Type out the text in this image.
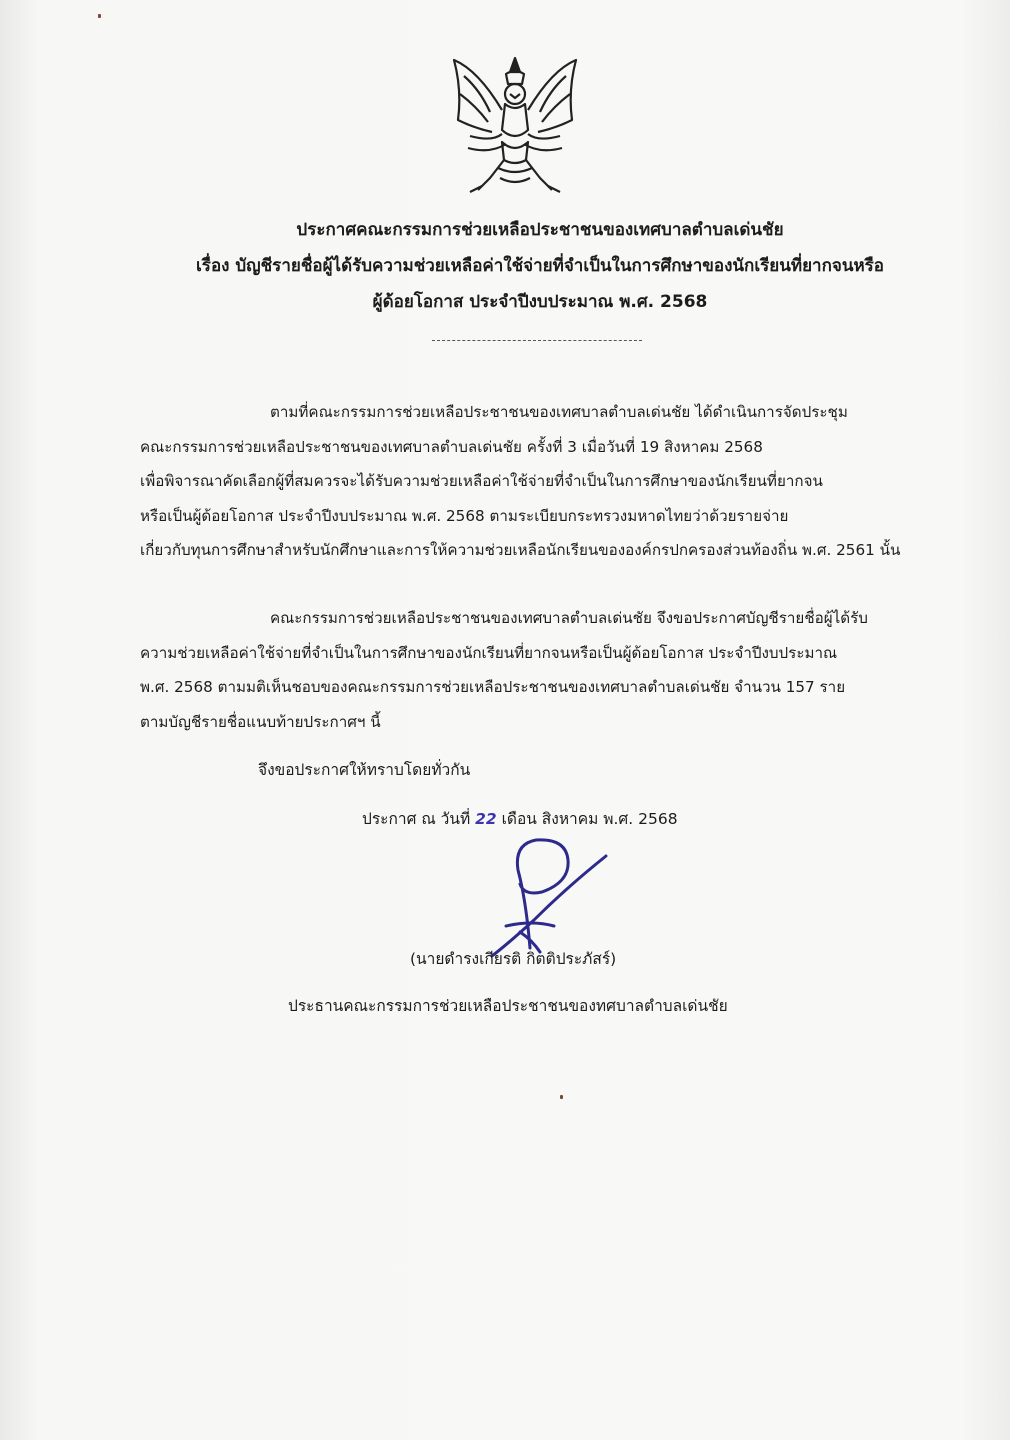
ประกาศคณะกรรมการช่วยเหลือประชาชนของเทศบาลตำบลเด่นชัย
เรื่อง บัญชีรายชื่อผู้ได้รับความช่วยเหลือค่าใช้จ่ายที่จำเป็นในการศึกษาของนักเรียนที่ยากจนหรือ
ผู้ด้อยโอกาส ประจำปีงบประมาณ พ.ศ. 2568
ตามที่คณะกรรมการช่วยเหลือประชาชนของเทศบาลตำบลเด่นชัย ได้ดำเนินการจัดประชุม
คณะกรรมการช่วยเหลือประชาชนของเทศบาลตำบลเด่นชัย ครั้งที่ 3 เมื่อวันที่ 19 สิงหาคม 2568
เพื่อพิจารณาคัดเลือกผู้ที่สมควรจะได้รับความช่วยเหลือค่าใช้จ่ายที่จำเป็นในการศึกษาของนักเรียนที่ยากจน
หรือเป็นผู้ด้อยโอกาส ประจำปีงบประมาณ พ.ศ. 2568 ตามระเบียบกระทรวงมหาดไทยว่าด้วยรายจ่าย
เกี่ยวกับทุนการศึกษาสำหรับนักศึกษาและการให้ความช่วยเหลือนักเรียนขององค์กรปกครองส่วนท้องถิ่น พ.ศ. 2561 นั้น
คณะกรรมการช่วยเหลือประชาชนของเทศบาลตำบลเด่นชัย จึงขอประกาศบัญชีรายชื่อผู้ได้รับ
ความช่วยเหลือค่าใช้จ่ายที่จำเป็นในการศึกษาของนักเรียนที่ยากจนหรือเป็นผู้ด้อยโอกาส ประจำปีงบประมาณ
พ.ศ. 2568 ตามมติเห็นชอบของคณะกรรมการช่วยเหลือประชาชนของเทศบาลตำบลเด่นชัย จำนวน 157 ราย
ตามบัญชีรายชื่อแนบท้ายประกาศฯ นี้
จึงขอประกาศให้ทราบโดยทั่วกัน
ประกาศ ณ วันที่ 22 เดือน สิงหาคม พ.ศ. 2568
(นายดำรงเกียรติ กิตติประภัสร์)
ประธานคณะกรรมการช่วยเหลือประชาชนของทศบาลตำบลเด่นชัย
